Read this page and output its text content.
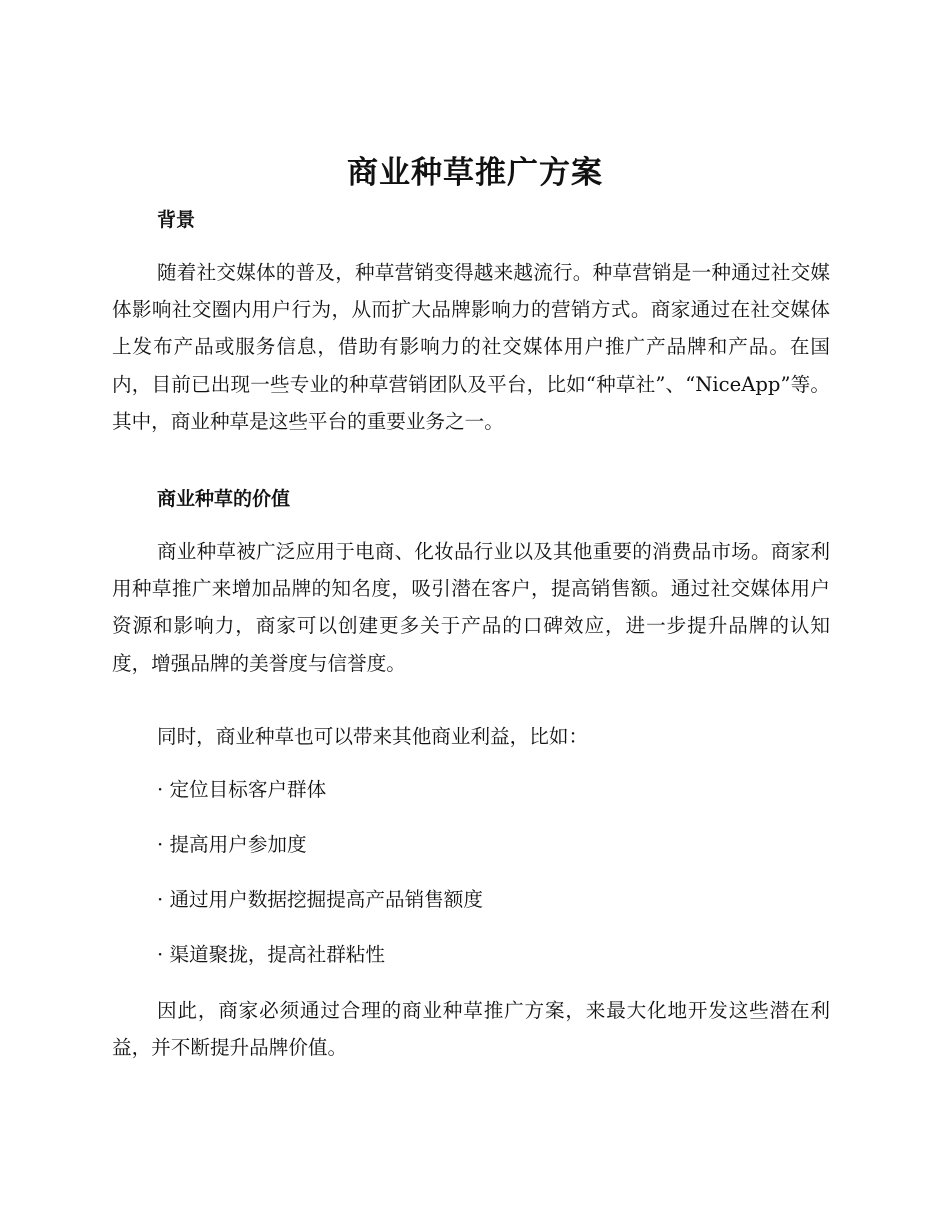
商业种草推广方案
背景

随着社交媒体的普及，种草营销变得越来越流行。种草营销是一种通过社交媒体影响社交圈内用户行为，从而扩大品牌影响力的营销方式。商家通过在社交媒体上发布产品或服务信息，借助有影响力的社交媒体用户推广产品牌和产品。在国内，目前已出现一些专业的种草营销团队及平台，比如“种草社”、“NiceApp”等。其中，商业种草是这些平台的重要业务之一。

商业种草的价值

商业种草被广泛应用于电商、化妆品行业以及其他重要的消费品市场。商家利用种草推广来增加品牌的知名度，吸引潜在客户，提高销售额。通过社交媒体用户资源和影响力，商家可以创建更多关于产品的口碑效应，进一步提升品牌的认知度，增强品牌的美誉度与信誉度。

同时，商业种草也可以带来其他商业利益，比如：

· 定位目标客户群体

· 提高用户参加度

· 通过用户数据挖掘提高产品销售额度

· 渠道聚拢，提高社群粘性

因此，商家必须通过合理的商业种草推广方案，来最大化地开发这些潜在利益，并不断提升品牌价值。
